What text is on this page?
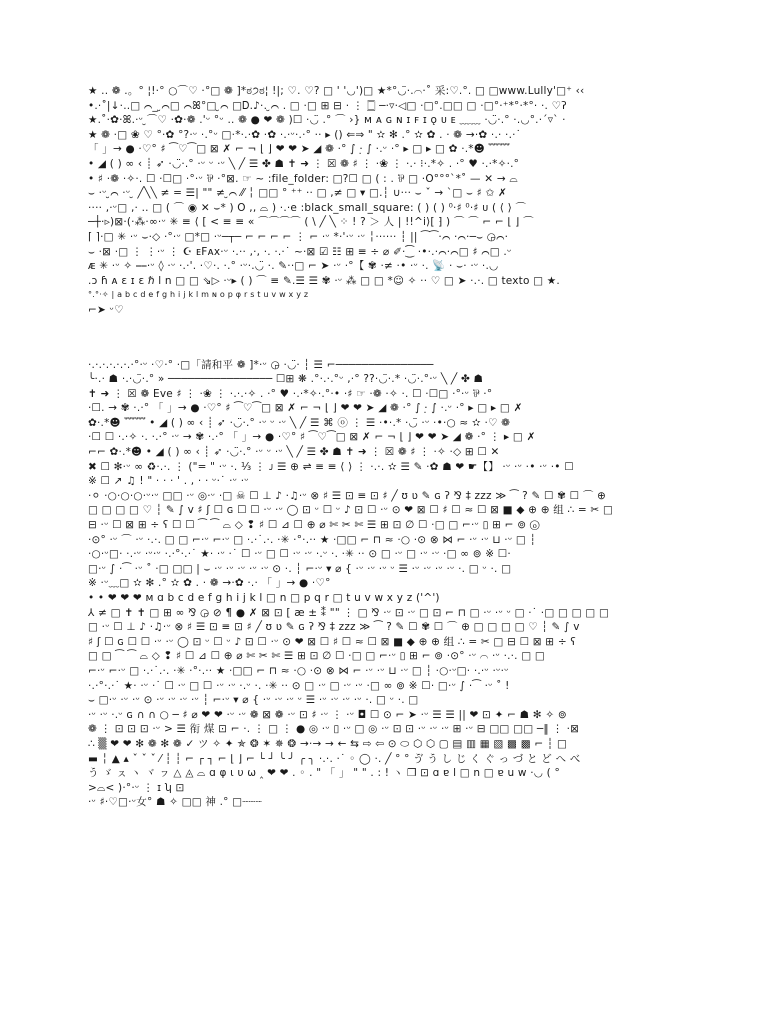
★ .. ❁ .。° ¦!·° ○⌒♡ ·°□ ❁ ]*ಠ੭ಠ¦ !|; ♡. ♡? □ ' '◡')□ ★*°◡̈·.⌒·˚ 采:♡.°. □ □www.Lully'□⁺ ‹‹
•.·˚|↓·..□ ⌒_ ̮⌒□ ⌒ꕤ°□ ̮⌒ □Ꭰ.♪·. ̮⌒ . □ ·□ ⊞ ⊟ · ⋮ 🀆 ─·▿·◁□ ·□°.□□ □ ·□°·⁺*°·*°· ·. ♡ʔ
★.˚·✿·ꕤ.·ᵕ ̮⌒♡ ·✿·❁ .'ᵕ °ᵕ .. ❁ ● ❤ ❁ )☐ ·◡̈ .° ⌒ ›} ᴍ ᴀ ɢ ɴ ɪ ꜰ ɪ ǫ ᴜ ᴇ ﹏﹏ ·◡̈·.° ·.◡°.·ˊ▿ˋ ·
★ ❁ ·□ ❀ ♡ °·✿ °?·ᵕ ·.°ᵕ □·*·.·✿ ·✿ ·.·ᵕ·.·° ·· ▸ () ⇐⇒ " ✫ ✻ .° ✫ ✿ . · ❁ →·✿ ·.· ·.·˙
「 」→ ● ·♡° ♯ ⁀♡⁀□ ⊠ ✗ ⌐ ¬ ⌊ ⌋ ❤ ❤ ➤ ◢ ❁ ·° ∫ ·̣ ∫ ·.ᵕ ·° ▸ □ ▸ □ ✿ ·.*☻ ﹌﹌
• ◢ ( ) ∞ ‹ ┊ ➶ ·◡̈·.° ·ᵕ ᵕ ·ᵕ ╲ ╱ ☰ ✤ ☗ ✝ ➜ ⋮ ☒ ❁ ♯ ⋮ ·❀ ⋮ ·.· ⁝·.*✧ . ·° ♥ ·.·*✧·.°
• ♯ ·❁ ·✧·. ☐ ·☐□ ·°·ᵕ ⅌ ·°⊠. ☞ ~ :file_folder: □?☐ □ ( : . ⅌ □ ·O°°°`*˚ — ✕ → ⌓
⌣ ·ᵕ ̮⌒ ·ᵕ ̮ ╱╲╲ ≠ = ☰| "" ≠ ̮⌒ ⁄⁄ ╎ □□ ° ⁺⁺ ·· □ ,≠ □ ▾ □.┆ ∪··· ⌣ ˇ → ˋ□ ⌣ ♯ ✩ ✗
···· ,·ᵕ□ ,· .. □ ( ⌒ ◉ ✕ ⌣* ) O ,, ⌓ ) ·.·e :black_small_square: ( ) ( ) ⁰·♯ ⁰·♯ ᴜ ( ⟨ ⟩ ⌒
─┼·▹)⊠·(·⁂·∞·ᵕ ✳ ≡ ⟨ [ < ≡ ≡ « ⌒⌒⌒⌒ ( \ ╱ ╲ ⁘ ! ? ＞ 人 | !!^i⟩[ ⁆ ) ⌒ ⌒ ⌐ ⌐ ⌊ ⌋ ⌒
⌈ ⌉·□ ✳ ·ᵕ ⌣·◇ ·°·ᵕ □*□ ·ᵕ─┬─ ⌐ ⌐ ⌐ ⌐ ⋮ ⌐ ·ᵕ *·'·ᵕ ·ᵕ ╎······ ┆ || ⁀⁀·⌒ ·⌒·─⌣ ◶⌒·
⌣ ·⊠ ·□ ⋮ ⋮·ᵕ ⋮ ☪ ᴇFᴀx·ᵕ ·.·· ,·, ·. ·.·˙ ~·⊠ ☑ ☷ ⊞ ≡ ÷ ⌀ ✐·⁐ ·•·.·⌒·⌒□ ♯ ⌒□ .ᵕ
ᴁ ✳ ·ᵕ ✧ ⎯⎯·ᵕ ◊ ·ᵕ ·.·'. ·♡·. ·.° ·ᵕ·.◡̈ ·. ✎··□ ⌐ ➤ ·ᵕ ·°【 ✾ ·≠ ·• ·ᵕ ·. 📡 · ⌣· ·ᵕ ·.◡
.ɔ ɦ ᴀ ɛ ɪ ɛ ℏ l n □ □ ⇘▷ ·ᵕ▸ ( ) ⌒ ≡ ✎.☰ ☰ ✾ ·ᵕ ⁂ □ □ *☺ ✧ ·· ♡ □ ➤ ·.·. □ texto □ ★.
°.°·✧ | a b c d e f g h i j k l m ɴ o p φ r s t u v w x y z
⌐➤ ᵕ♡
·.·.·.·.·.·.·°·ᵕ ·♡·° ·□「請和平 ❁ ]*·ᵕ ◶ ·◡̈· ┆ ☰ ⌐───────────────
╰·.· ☗ ·.·◡̈·.° » ──────────────── ☐⊞ ❋ .°·.·.°ᵕ ,·° ??·◡̈·.* ·◡̈·.°·ᵕ ╲ ╱ ✤ ☗
✝ ➜ ⋮ ☒ ❁ Eve ♯ ⋮ ·❀ ⋮ ·.·.·✧ . ·° ♥ ·.·*✧·.°·• ·♯ ☞ ·❁ ·✧ ·. ☐ ·☐□ ·°·ᵕ ⅌ ·°
·☐. → ✾ ·.·° 「 」→ ● ·♡° ♯ ⁀♡⁀□ ⊠ ✗ ⌐ ¬ ⌊ ⌋ ❤ ❤ ➤ ◢ ❁ ·° ∫ ·̣ ∫ ·.ᵕ ·° ▸ □ ▸ □ ✗
✿·.*☻ ﹌﹌ • ◢ ( ) ∞ ‹ ┊ ➶ ·◡̈·.° ·ᵕ ᵕ ·ᵕ ╲ ╱ ☰ ⌘ ⓞ ⋮ ☰ ·•·.* ·◡̈ ·ᵕ ·•·○ ≈ ✫ ·♡ ❁
·☐ ☐ ·.·✧ ·. ·.·° ·ᵕ → ✾ ·.·° 「 」→ ● ·♡° ♯ ⁀♡⁀□ ⊠ ✗ ⌐ ¬ ⌊ ⌋ ❤ ❤ ➤ ◢ ❁ ·° ⋮ ▸ □ ✗
⌐⌐ ✿·.*☻ • ◢ ( ) ∞ ‹ ┊ ➶ ·◡̈·.° ·ᵕ ᵕ ·ᵕ ╲ ╱ ☰ ✤ ☗ ✝ ➜ ⋮ ☒ ❁ ♯ ⋮ ·✧ ·◇ ⊞ ☐ ✕
✖ ☐ ✻·ᵕ ∞ ♻·.·. ⋮ ("= " ·ᵕ ·. ⅓ ⋮ ᴊ ☰ ⊕ ⇌ ≡ ≡ ⟨ ⟩ ⋮ ·.·. ✫ ☰ ✎ ·✿ ☗ ❤ ☛【】 ·ᵕ ·ᵕ ·• ·ᵕ ·• ☐
※ ☐ ↗ ♫ ! " · · · ' . , · · ᵕ·˙ ·ᵕ ·ᵕ
·⚪ ·○·○·○·ᵕ·ᵕ □□ ·ᵕ ◎·ᵕ ·□ ☠ ☐ ⊥ ♪ ·♫·ᵕ ⊗ ♯ ☰ ⊡ ≡ ⊡ ♯ ╱ ʊ ʋ ✎ ɢ ʔ ⅋ ‡ zzz ≫ ⁀ ? ✎ ☐ ✾ ☐ ⌒ ⊕
□ □ □ □ ♡ ┆ ✎ ∫ v ♯ ʃ ☐ ɢ ☐ ☐ ·ᵕ ·ᵕ ◯ ⊡ ᵕ ☐ ᵕ ♪ ⊡ ☐ ·ᵕ ⊙ ❤ ⊠ ☐ ♯ ☐ ≈ ☐ ⊠ ■ ◆ ⊕ ⊕ 组 ∴ = ✂ □
⊟ ·ᵕ ☐ ⊠ ⊞ ÷ ʕ ☐ ☐ ⁀ ⁀ ⌓ ◇ ❢ ♯ ☐ ⊿ ☐ ⊕ ⌀ ✄ ✂ ✄ ☰ ⊞ ⊡ ∅ ☐ ·□ □ ⌐·ᵕ ▯ ⊞ ⌐ ⊚ ⓞ
·⊙° ·ᵕ ⌒ ·ᵕ ·.·. □ □ ⌐·ᵕ ⌐·ᵕ □ ·.·˙.·. ·✳ ·°·.·· ★ ·□□ ⌐ ⊓ ≈ ·○ ·⊙ ⊗ ⋈ ⌐ ·ᵕ ·ᵕ ⊔ ·ᵕ □ ┆
·○·ᵕ□· ·.·ᵕ ·ᵕ·ᵕ ·.·°·.·˙ ★· ·ᵕ ·˙ ☐ ·ᵕ □ ☐ ·ᵕ ·ᵕ ·.ᵕ ·. ·✳ ·· ⊙ □ ·ᵕ □ ·ᵕ ·ᵕ ·□ ∞ ⊚ ※ ☐·
□·ᵕ ∫ ·⁀ ·ᵕ ˚ ·□ □□ | ⌣ ·ᵕ ·ᵕ ·ᵕ ·ᵕ ·ᵕ ⊙ ·. ┆ ⌐·ᵕ ▾ ⌀ { ·ᵕ ·ᵕ ·ᵕ ᵕ ☰ ·ᵕ ·ᵕ ·ᵕ ·ᵕ ·. □ ᵕ ·. □
※ ·ᵕ﹏□ ✫ ✻ .° ✫ ✿ . · ❁ →·✿ ·.· 「 」→ ● ·♡°
• • ❤ ❤ ❤ ᴍ ɑ b c d e f g h i j k l □ n □ p q r □ t u v w x y z ('^')
⅄ ≠ □ ✝ ✝ □ ⊞ ∞ ⅋ ◶ ⊘ ¶ ● ✗ ⊠ ⊡ [ æ ± ⁑ "" ⋮ □ ⅋ ·ᵕ ⊡ ·ᵕ □ ⊡ ⌐ ⊓ □ ·ᵕ ·ᵕ ᵕ □ ·˙ ·□ □ □ □ □
□ ·ᵕ ☐ ⊥ ♪ ·♫·ᵕ ⊗ ♯ ☰ ⊡ ≡ ⊡ ♯ ╱ ʊ ʋ ✎ ɢ ʔ ⅋ ‡ zzz ≫ ⁀ ? ✎ ☐ ✾ ☐ ⌒ ⊕ □ □ □ □ ♡ ┆ ✎ ∫ v
♯ ʃ ☐ ɢ ☐ ☐ ·ᵕ ·ᵕ ◯ ⊡ ᵕ ☐ ᵕ ♪ ⊡ ☐ ·ᵕ ⊙ ❤ ⊠ ☐ ♯ ☐ ≈ ☐ ⊠ ■ ◆ ⊕ ⊕ 组 ∴ = ✂ □ ⊟ ☐ ⊠ ⊞ ÷ ʕ
□ □ ⁀ ⁀ ⌓ ◇ ❢ ♯ ☐ ⊿ ☐ ⊕ ⌀ ✄ ✂ ✄ ☰ ⊞ ⊡ ∅ ☐ ·□ □ ⌐·ᵕ ▯ ⊞ ⌐ ⊚ ·⊙° ·ᵕ ⌒ ·ᵕ ·.·. □ □
⌐·ᵕ ⌐·ᵕ □ ·.·˙.·. ·✳ ·°·.·· ★ ·□□ ⌐ ⊓ ≈ ·○ ·⊙ ⊗ ⋈ ⌐ ·ᵕ ·ᵕ ⊔ ·ᵕ □ ┆ ·○·ᵕ□· ·.·ᵕ ·ᵕ·ᵕ
·.·°·.·˙ ★· ·ᵕ ·˙ ☐ ·ᵕ □ ☐ ·ᵕ ·ᵕ ·.ᵕ ·. ·✳ ·· ⊙ □ ·ᵕ □ ·ᵕ ·ᵕ ·□ ∞ ⊚ ※ ☐· □·ᵕ ∫ ·⁀ ·ᵕ ˚ !
⌣ □·ᵕ ·ᵕ ·ᵕ ⊙ ·ᵕ ·ᵕ ·ᵕ ·ᵕ ┆ ⌐·ᵕ ▾ ⌀ { ·ᵕ ·ᵕ ·ᵕ ᵕ ☰ ·ᵕ ·ᵕ ·ᵕ ·ᵕ ·. □ ᵕ ·. □
·ᵕ ·ᵕ ·.ᵕ ɢ ∩ ∩ ○ ─ ♯ ⌀ ❤ ❤ ·ᵕ ·ᵕ ❁ ⊠ ❁ ·ᵕ ⊡ ♯ ·ᵕ ⋮ ·ᵕ ◘ ☐ ⊙ ⌐ ➤ ·ᵕ ☰ ☰ || ❤ ⊡ ✦ ⌐ ☗ ✻ ✧ ⊚
❁ ⋮ ⊡ ⊡ ⊡ ·ᵕ > ☰ 衔 煤 ⊡ ⌐ ·. ⋮ □ ⋮ ● ◎ ·ᵕ ▯ ·ᵕ □ ◎ ·ᵕ ⊡ ⊡ ·ᵕ ·ᵕ ·ᵕ ⊞ ·ᵕ ⊟ □□ □□ ─‖ ⋮ ·⊠
∴ ▒ ❤ ❤ ✻ ❁ ✻ ❁ ✓ ツ ✧ ✦ ✯ ❂ ✶ ✵ ❂ →·→ → ← ⇆ ⇨ ⇦ ⊙ ⬭ ⬡ ⬡ ▢ ▤ ▥ ▦ ▧ ▩ ▩ ⌐ ┆ □
▬ ╎ ▲ ▴ ˇ ˇ ˇ ⁄ ┆ ┆ ⌐ ┌ ┐ ⌐ ⌊ ⌋ ⌐ └ ┘ ╰ ╯ ╭ ╮ ·.·. ·˙ ◦ ◯ ·. ╱ ° ° ゔ う し じ く ぐ っ づ と ど へ べ
う ゞ ㇲ ヽ ヾ ㇷ △ ◬ ⌓ ɑ φ ι υ ω ‸ ❤ ❤ . ◦ . " 「 」 " " . : ! ヽ ❒ ⊡ ɑ ɐ l □ n □ ɐ u w ·◡ ( °
>⌓< )·°·ᵕ ⋮ ɪ ʮ ⊡
·ᵕ ♯·♡□·ᵕ女° ☗ ✧ □□ 神 .° □┈┈┈
